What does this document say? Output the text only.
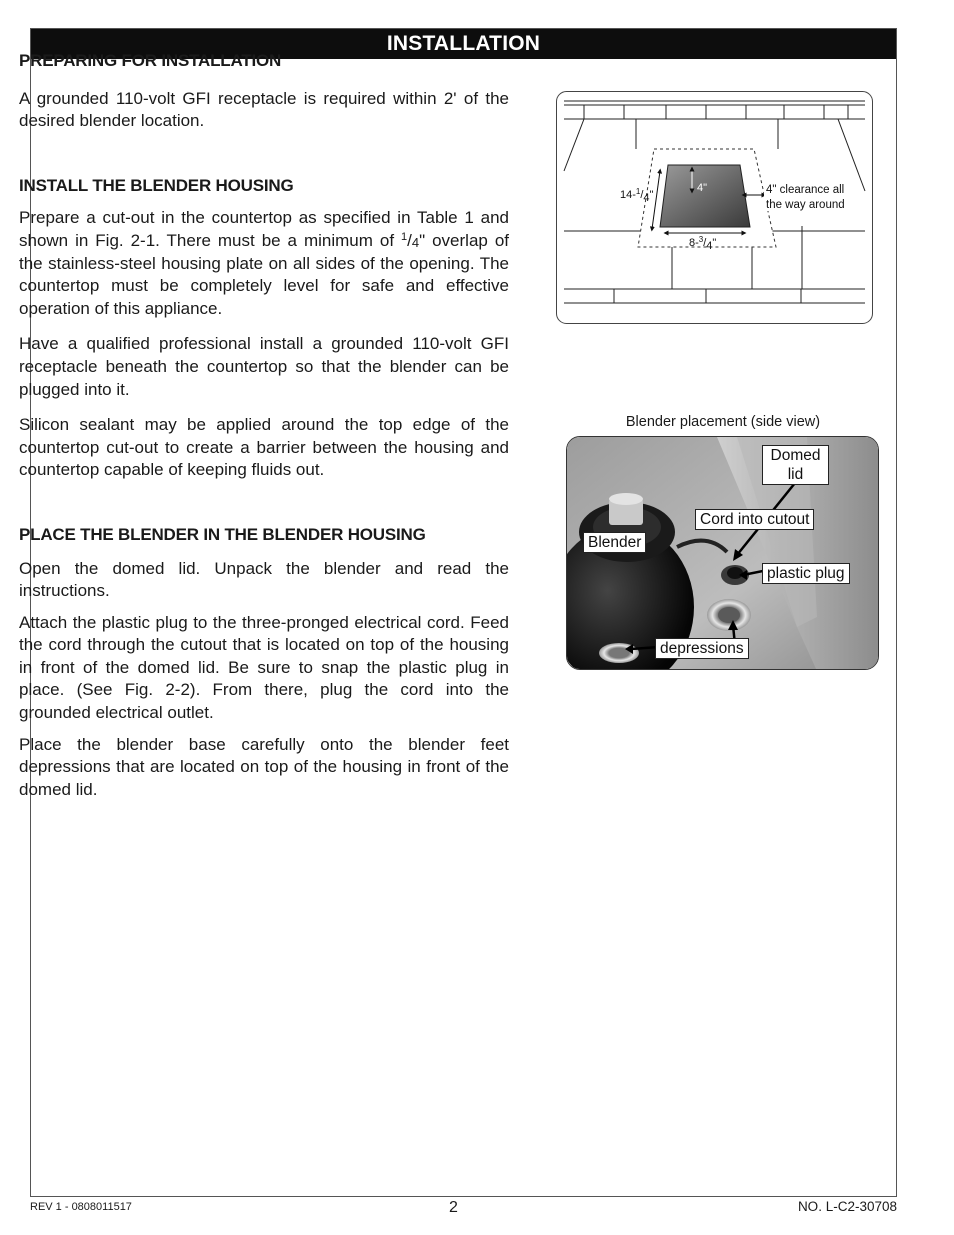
INSTALLATION
PREPARING FOR INSTALLATION

A grounded 110-volt GFI receptacle is required within 2' of the desired blender location.

INSTALL THE BLENDER HOUSING

Prepare a cut-out in the countertop as specified in Table 1 and shown in Fig. 2-1. There must be a minimum of $^1/_4$" overlap of the stainless-steel housing plate on all sides of the opening. The countertop must be completely level for safe and effective operation of this appliance.

Have a qualified professional install a grounded 110-volt GFI receptacle beneath the countertop so that the blender can be plugged into it.

Silicon sealant may be applied around the top edge of the countertop cut-out to create a barrier between the housing and countertop capable of keeping fluids out.

PLACE THE BLENDER IN THE BLENDER HOUSING

Open the domed lid. Unpack the blender and read the instructions.

Attach the plastic plug to the three-pronged electrical cord. Feed the cord through the cutout that is located on top of the housing in front of the domed lid. Be sure to snap the plastic plug in place. (See Fig. 2-2). From there, plug the cord into the grounded electrical outlet.

Place the blender base carefully onto the blender feet depressions that are located on top of the housing in front of the domed lid.

14-$^1$/4"
4"
8-$^3$/4"
4" clearance all
the way around
Blender placement (side view)
Domed
lid
Cord into cutout
Blender
plastic plug
depressions
REV 1 - 0808011517	2	NO. L-C2-30708
